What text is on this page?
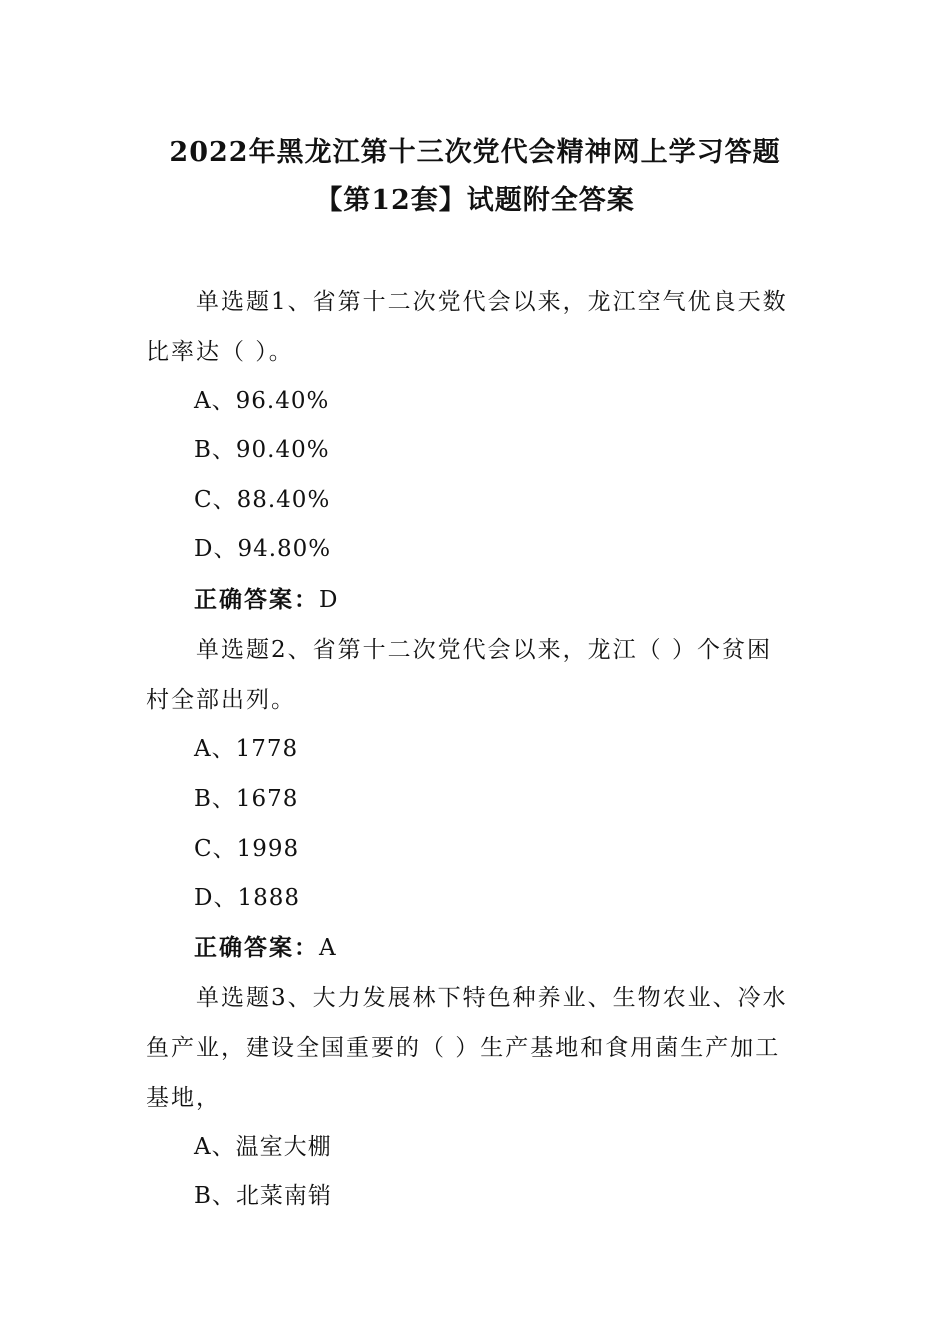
2022年黑龙江第十三次党代会精神网上学习答题
【第12套】试题附全答案
单选题1、省第十二次党代会以来，龙江空气优良天数
比率达（ ）。
A、96.40%
B、90.40%
C、88.40%
D、94.80%
正确答案：D
单选题2、省第十二次党代会以来，龙江（ ）个贫困
村全部出列。
A、1778
B、1678
C、1998
D、1888
正确答案：A
单选题3、大力发展林下特色种养业、生物农业、冷水
鱼产业，建设全国重要的（ ）生产基地和食用菌生产加工
基地，
A、温室大棚
B、北菜南销
